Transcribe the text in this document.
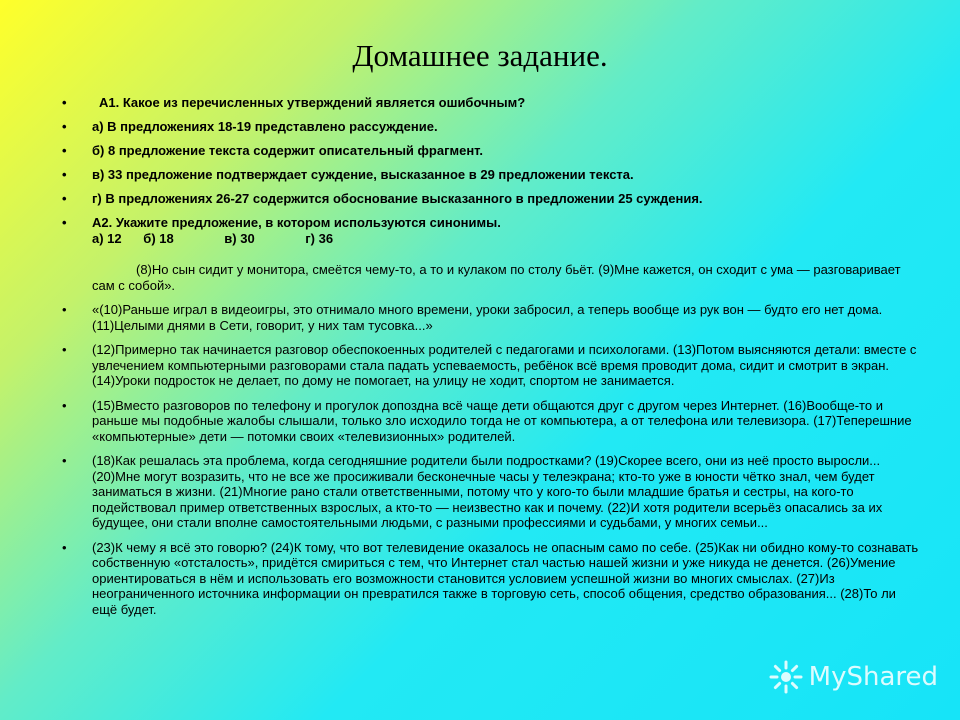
Домашнее задание.
• А1. Какое из перечисленных утверждений является ошибочным?
• а) В предложениях 18-19 представлено рассуждение.
• б) 8 предложение текста содержит описательный фрагмент.
• в) 33 предложение подтверждает суждение, высказанное в 29 предложении текста.
• г) В предложениях 26-27 содержится обоснование высказанного в предложении 25 суждения.
• А2. Укажите предложение, в котором используются синонимы.
а) 12      б) 18              в) 30              г) 36
(8)Но сын сидит у монитора, смеётся чему-то, а то и кулаком по столу бьёт. (9)Мне кажется, он сходит с ума — разговаривает сам с собой».
• «(10)Раньше играл в видеоигры, это отнимало много времени, уроки забросил, а теперь вообще из рук вон — будто его нет дома. (11)Целыми днями в Сети, говорит, у них там тусовка...»
• (12)Примерно так начинается разговор обеспокоенных родителей с педагогами и психологами. (13)Потом выясняются детали: вместе с увлечением компьютерными разговорами стала падать успеваемость, ребёнок всё время проводит дома, сидит и смотрит в экран. (14)Уроки подросток не делает, по дому не помогает, на улицу не ходит, спортом не занимается.
• (15)Вместо разговоров по телефону и прогулок допоздна всё чаще дети общаются друг с другом через Интернет. (16)Вообще-то и раньше мы подобные жалобы слышали, только зло исходило тогда не от компьютера, а от телефона или телевизора. (17)Теперешние «компьютерные» дети — потомки своих «телевизионных» родителей.
• (18)Как решалась эта проблема, когда сегодняшние родители были подростками? (19)Скорее всего, они из неё просто выросли... (20)Мне могут возразить, что не все же просиживали бесконечные часы у телеэкрана; кто-то уже в юности чётко знал, чем будет заниматься в жизни. (21)Многие рано стали ответственными, потому что у кого-то были младшие братья и сестры, на кого-то подействовал пример ответственных взрослых, а кто-то — неизвестно как и почему. (22)И хотя родители всерьёз опасались за их будущее, они стали вполне самостоятельными людьми, с разными профессиями и судьбами, у многих семьи...
• (23)К чему я всё это говорю? (24)К тому, что вот телевидение оказалось не опасным само по себе. (25)Как ни обидно кому-то сознавать собственную «отсталость», придётся смириться с тем, что Интернет стал частью нашей жизни и уже никуда не денется. (26)Умение ориентироваться в нём и использовать его возможности становится условием успешной жизни во многих смыслах. (27)Из неограниченного источника информации он превратился также в торговую сеть, способ общения, средство образования... (28)То ли ещё будет.
MyShared
